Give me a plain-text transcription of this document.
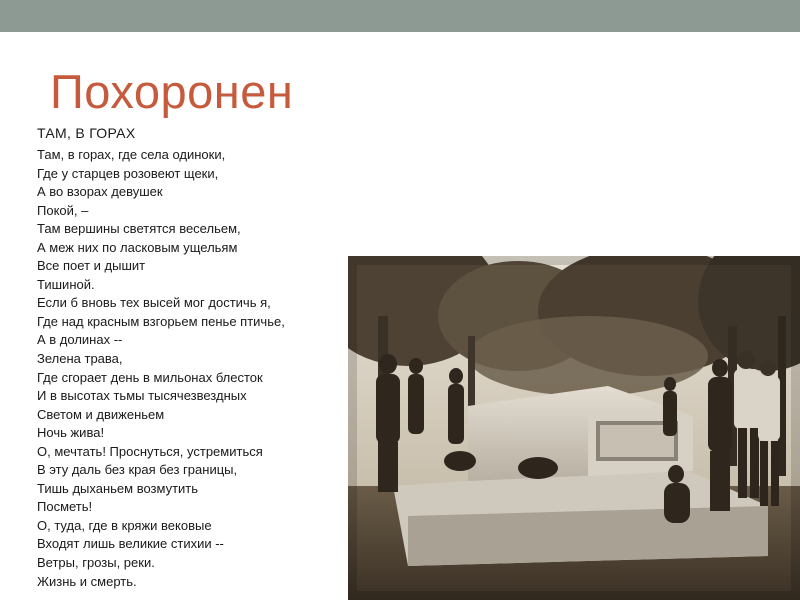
Похоронен
ТАМ, В ГОРАХ
Там, в горах, где села одиноки,
Где у старцев розовеют щеки,
А во взорах девушек
Покой, –
Там вершины светятся весельем,
А меж них по ласковым ущельям
Все поет и дышит
Тишиной.
Если б вновь тех высей мог достичь я,
Где над красным взгорьем пенье птичье,
А в долинах --
Зелена трава,
Где сгорает день в мильонах блесток
И в высотах тьмы тысячезвездных
Светом и движеньем
Ночь жива!
О, мечтать! Проснуться, устремиться
В эту даль без края без границы,
Тишь дыханьем возмутить
Посметь!
О, туда, где в кряжи вековые
Входят лишь великие стихии --
Ветры, грозы, реки.
Жизнь и смерть.
